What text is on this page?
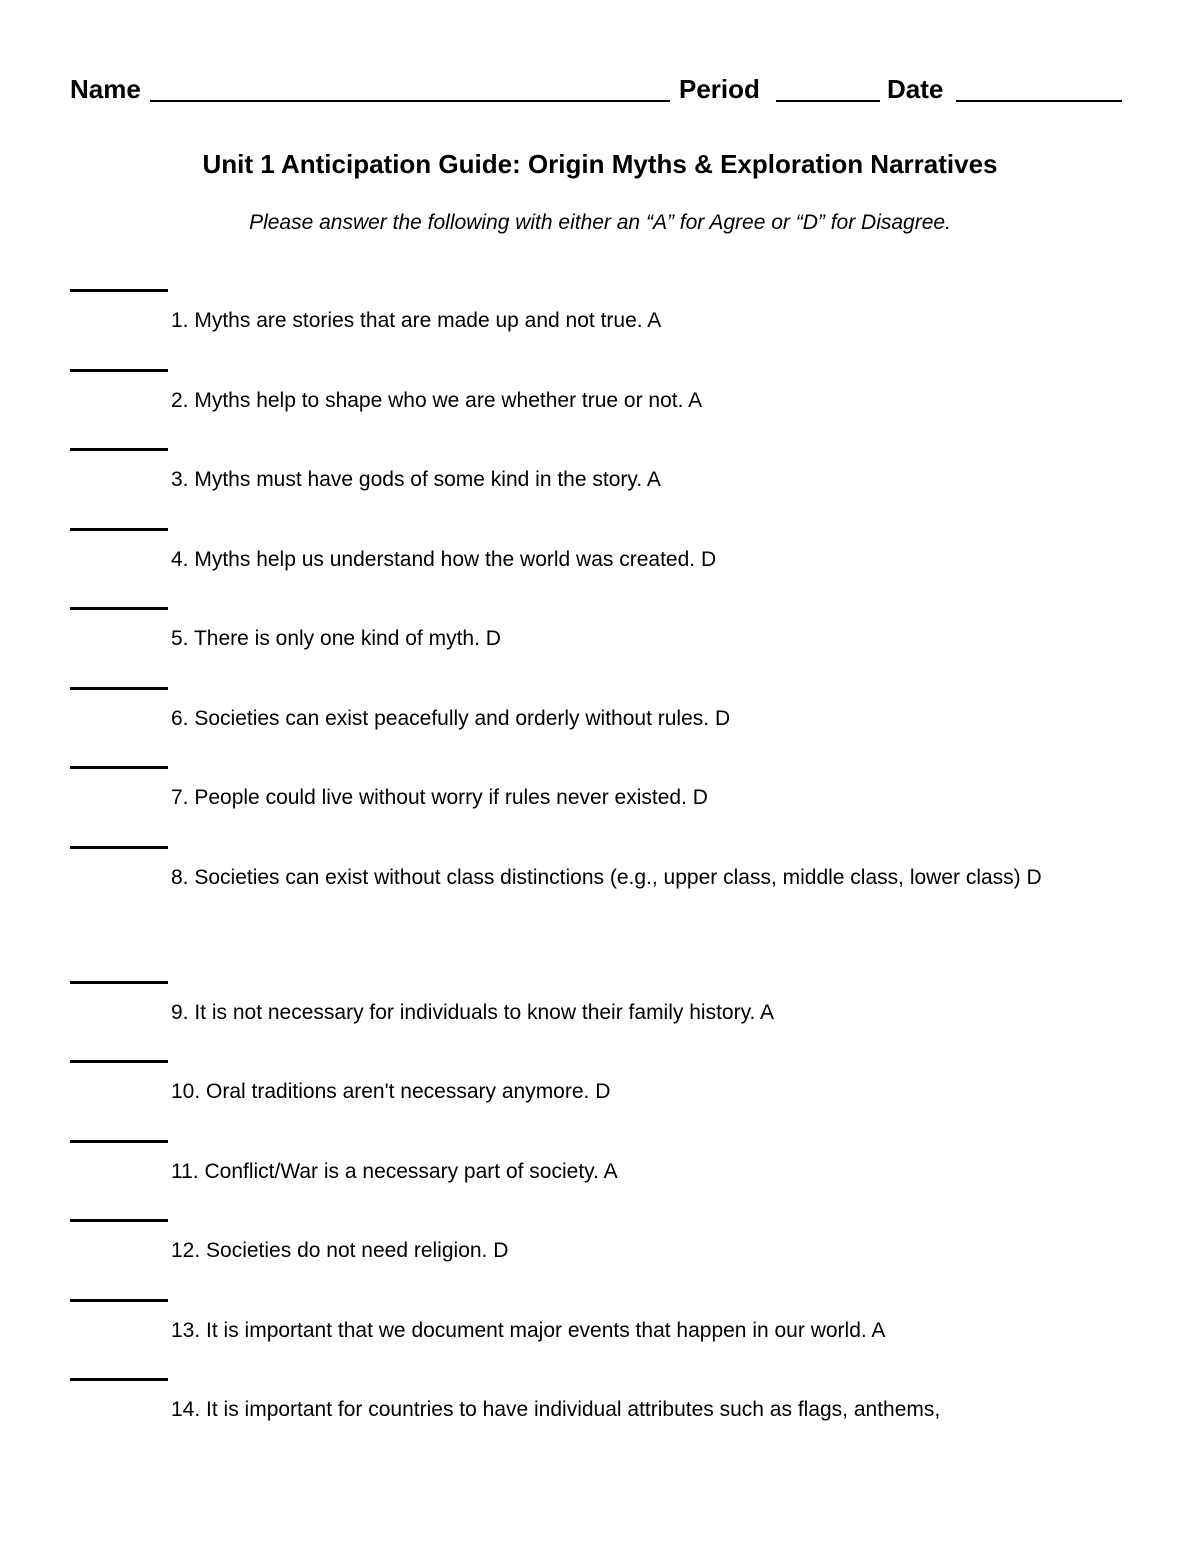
Name	Period	Date
Unit 1 Anticipation Guide: Origin Myths & Exploration Narratives
Please answer the following with either an “A” for Agree or “D” for Disagree.
1. Myths are stories that are made up and not true. A
2. Myths help to shape who we are whether true or not. A
3. Myths must have gods of some kind in the story. A
4. Myths help us understand how the world was created. D
5. There is only one kind of myth. D
6. Societies can exist peacefully and orderly without rules. D
7. People could live without worry if rules never existed. D
8. Societies can exist without class distinctions (e.g., upper class, middle class, lower class) D
9. It is not necessary for individuals to know their family history. A
10. Oral traditions aren't necessary anymore. D
11. Conflict/War is a necessary part of society. A
12. Societies do not need religion. D
13. It is important that we document major events that happen in our world. A
14. It is important for countries to have individual attributes such as flags, anthems,
